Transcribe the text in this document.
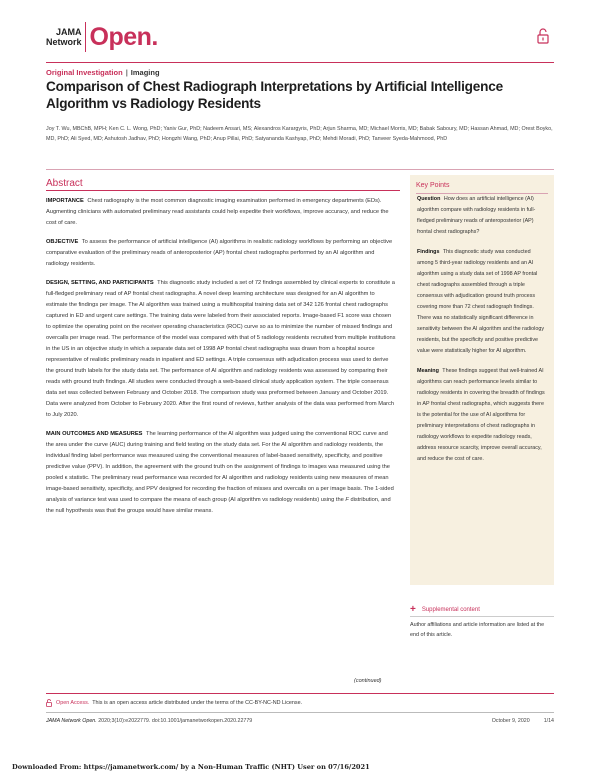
JAMA
Network Open.
Original Investigation | Imaging
Comparison of Chest Radiograph Interpretations by Artificial Intelligence Algorithm vs Radiology Residents
Joy T. Wu, MBChB, MPH; Ken C. L. Wong, PhD; Yaniv Gur, PhD; Nadeem Ansari, MS; Alexandros Karargyris, PhD; Arjun Sharma, MD; Michael Morris, MD; Babak Saboury, MD; Hassan Ahmad, MD; Orest Boyko, MD, PhD; Ali Syed, MD; Ashutosh Jadhav, PhD; Hongzhi Wang, PhD; Anup Pillai, PhD; Satyananda Kashyap, PhD; Mehdi Moradi, PhD; Tanveer Syeda-Mahmood, PhD
Abstract

IMPORTANCE Chest radiography is the most common diagnostic imaging examination performed in emergency departments (EDs). Augmenting clinicians with automated preliminary read assistants could help expedite their workflows, improve accuracy, and reduce the cost of care.

OBJECTIVE To assess the performance of artificial intelligence (AI) algorithms in realistic radiology workflows by performing an objective comparative evaluation of the preliminary reads of anteroposterior (AP) frontal chest radiographs performed by an AI algorithm and radiology residents.

DESIGN, SETTING, AND PARTICIPANTS This diagnostic study included a set of 72 findings assembled by clinical experts to constitute a full-fledged preliminary read of AP frontal chest radiographs. A novel deep learning architecture was designed for an AI algorithm to estimate the findings per image. The AI algorithm was trained using a multihospital training data set of 342 126 frontal chest radiographs captured in ED and urgent care settings. The training data were labeled from their associated reports. Image-based F1 score was chosen to optimize the operating point on the receiver operating characteristics (ROC) curve so as to minimize the number of missed findings and overcalls per image read. The performance of the model was compared with that of 5 radiology residents recruited from multiple institutions in the US in an objective study in which a separate data set of 1998 AP frontal chest radiographs was drawn from a hospital source representative of realistic preliminary reads in inpatient and ED settings. A triple consensus with adjudication process was used to derive the ground truth labels for the study data set. The performance of AI algorithm and radiology residents was assessed by comparing their reads with ground truth findings. All studies were conducted through a web-based clinical study application system. The triple consensus data set was collected between February and October 2018. The comparison study was preformed between January and October 2019. Data were analyzed from October to February 2020. After the first round of reviews, further analysis of the data was performed from March to July 2020.

MAIN OUTCOMES AND MEASURES The learning performance of the AI algorithm was judged using the conventional ROC curve and the area under the curve (AUC) during training and field testing on the study data set. For the AI algorithm and radiology residents, the individual finding label performance was measured using the conventional measures of label-based sensitivity, specificity, and positive predictive value (PPV). In addition, the agreement with the ground truth on the assignment of findings to images was measured using the pooled κ statistic. The preliminary read performance was recorded for AI algorithm and radiology residents using new measures of mean image-based sensitivity, specificity, and PPV designed for recording the fraction of misses and overcalls on a per image basis. The 1-sided analysis of variance test was used to compare the means of each group (AI algorithm vs radiology residents) using the F distribution, and the null hypothesis was that the groups would have similar means.

(continued)
Key Points

Question How does an artificial intelligence (AI) algorithm compare with radiology residents in full-fledged preliminary reads of anteroposterior (AP) frontal chest radiographs?

Findings This diagnostic study was conducted among 5 third-year radiology residents and an AI algorithm using a study data set of 1998 AP frontal chest radiographs assembled through a triple consensus with adjudication ground truth process covering more than 72 chest radiograph findings. There was no statistically significant difference in sensitivity between the AI algorithm and the radiology residents, but the specificity and positive predictive value were statistically higher for AI algorithm.

Meaning These findings suggest that well-trained AI algorithms can reach performance levels similar to radiology residents in covering the breadth of findings in AP frontal chest radiographs, which suggests there is the potential for the use of AI algorithms for preliminary interpretations of chest radiographs in radiology workflows to expedite radiology reads, address resource scarcity, improve overall accuracy, and reduce the cost of care.

+ Supplemental content
Author affiliations and article information are listed at the end of this article.
Open Access. This is an open access article distributed under the terms of the CC-BY-NC-ND License.
JAMA Network Open. 2020;3(10):e2022779. doi:10.1001/jamanetworkopen.2020.22779	October 9, 2020	1/14
Downloaded From: https://jamanetwork.com/ by a Non-Human Traffic (NHT) User on 07/16/2021
